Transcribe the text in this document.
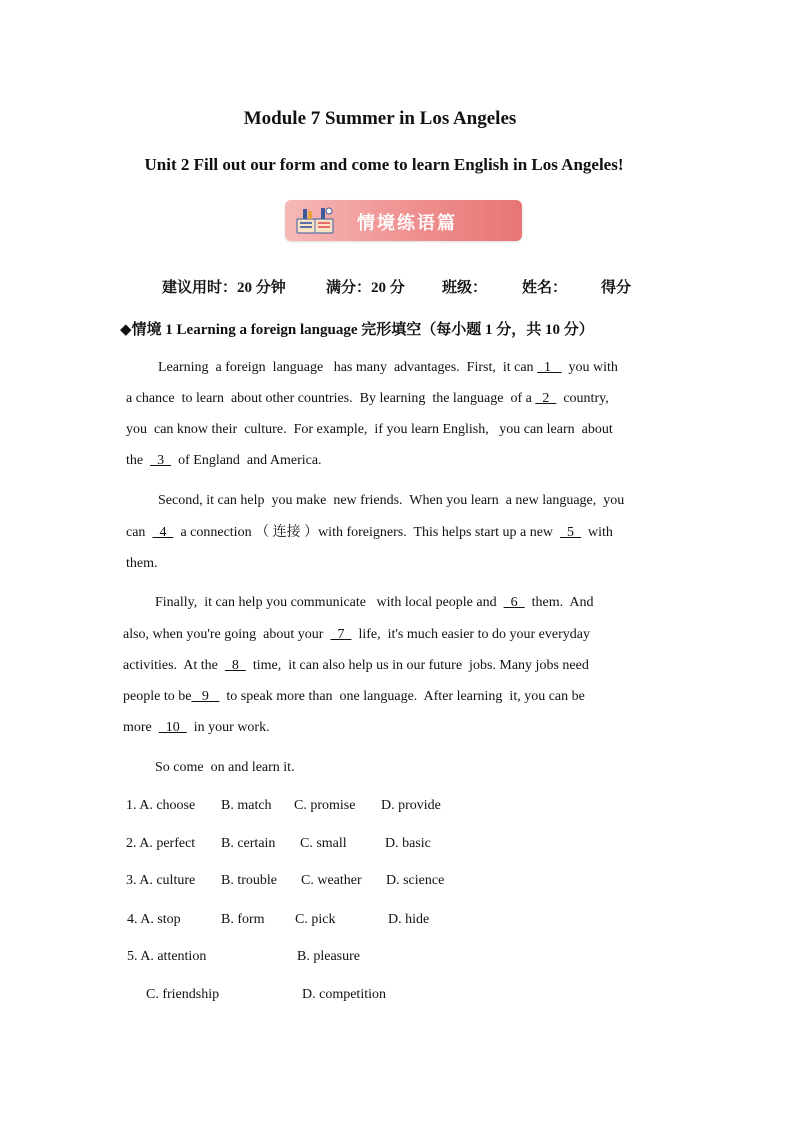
Module 7 Summer in Los Angeles
Unit 2 Fill out our form and come to learn English in Los Angeles!
情境练语篇
建议用时：20 分钟	满分：20 分 班级： 姓名： 得分
◆情境 1 Learning a foreign language 完形填空（每小题 1 分，共 10 分）
Learning  a foreign  language   has many  advantages.  First,  it can   1     you with
a chance  to learn  about other countries.  By learning  the language  of a   2    country,
you  can know their  culture.  For example,  if you learn English,   you can learn  about
the    3    of England  and America.
Second, it can help  you make  new friends.  When you learn  a new language,  you
can    4    a connection （ 连接 ）with foreigners.  This helps start up a new    5    with
them.
Finally,  it can help you communicate   with local people and    6    them.  And
also, when you're going  about your    7    life,  it's much easier to do your everyday
activities.  At the    8    time,  it can also help us in our future  jobs. Many jobs need
people to be   9     to speak more than  one language.  After learning  it, you can be
more    10    in your work.
So come  on and learn it.
1. A. choose B. match C. promise D. provide
2. A. perfect B. certain C. small	D. basic
3. A. culture B. trouble C. weather D. science
4. A. stop	B. form C. pick	D. hide
5. A. attention	B. pleasure
C. friendship	D. competition
